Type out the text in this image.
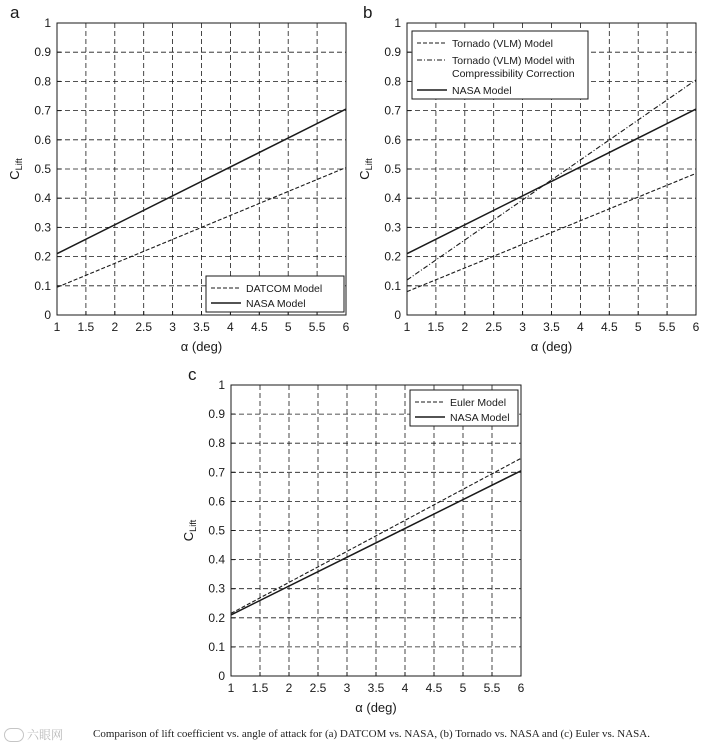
a
1 1.5 2 2.5 3 3.5 4 4.5 5 5.5 6
0
0.1
0.2
0.3
0.4
0.5
0.6
0.7
0.8
0.9
1
α (deg)
$C_{Lift}$
DATCOM Model
NASA Model
b
1 1.5 2 2.5 3 3.5 4 4.5 5 5.5 6
0
0.1
0.2
0.3
0.4
0.5
0.6
0.7
0.8
0.9
1
α (deg)
$C_{Lift}$
Tornado (VLM) Model
Tornado (VLM) Model with Compressibility Correction
NASA Model
c
1 1.5 2 2.5 3 3.5 4 4.5 5 5.5 6
0
0.1
0.2
0.3
0.4
0.5
0.6
0.7
0.8
0.9
1
α (deg)
$C_{Lift}$
Euler Model
NASA Model
六眼网	Comparison of lift coefficient vs. angle of attack for (a) DATCOM vs. NASA, (b) Tornado vs. NASA and (c) Euler vs. NASA.
